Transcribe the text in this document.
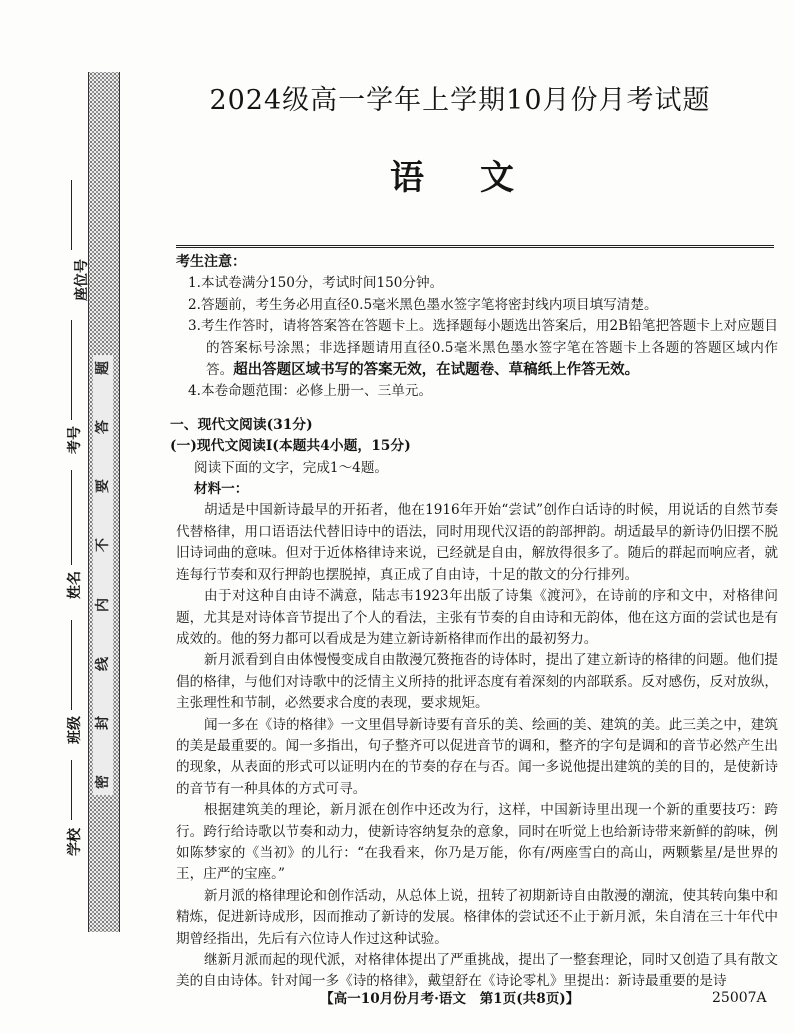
题
答
要
不
内
线
封
密
座位号
考号
姓名
班级
学校
2024级高一学年上学期10月份月考试题
语文

考生注意：

1.本试卷满分150分，考试时间150分钟。
2.答题前，考生务必用直径0.5毫米黑色墨水签字笔将密封线内项目填写清楚。
3.考生作答时，请将答案答在答题卡上。选择题每小题选出答案后，用2B铅笔把答题卡上对应题目的答案标号涂黑；非选择题请用直径0.5毫米黑色墨水签字笔在答题卡上各题的答题区域内作答。超出答题区域书写的答案无效，在试题卷、草稿纸上作答无效。
4.本卷命题范围：必修上册一、三单元。

一、现代文阅读(31分)

(一)现代文阅读Ⅰ(本题共4小题，15分)

阅读下面的文字，完成1～4题。

材料一：

胡适是中国新诗最早的开拓者，他在1916年开始“尝试”创作白话诗的时候，用说话的自然节奏代替格律，用口语语法代替旧诗中的语法，同时用现代汉语的韵部押韵。胡适最早的新诗仍旧摆不脱旧诗词曲的意味。但对于近体格律诗来说，已经就是自由，解放得很多了。随后的群起而响应者，就连每行节奏和双行押韵也摆脱掉，真正成了自由诗，十足的散文的分行排列。

由于对这种自由诗不满意，陆志韦1923年出版了诗集《渡河》，在诗前的序和文中，对格律问题，尤其是对诗体音节提出了个人的看法，主张有节奏的自由诗和无韵体，他在这方面的尝试也是有成效的。他的努力都可以看成是为建立新诗新格律而作出的最初努力。

新月派看到自由体慢慢变成自由散漫冗赘拖沓的诗体时，提出了建立新诗的格律的问题。他们提倡的格律，与他们对诗歌中的泛情主义所持的批评态度有着深刻的内部联系。反对感伤，反对放纵，主张理性和节制，必然要求合度的表现，要求规矩。

闻一多在《诗的格律》一文里倡导新诗要有音乐的美、绘画的美、建筑的美。此三美之中，建筑的美是最重要的。闻一多指出，句子整齐可以促进音节的调和，整齐的字句是调和的音节必然产生出的现象，从表面的形式可以证明内在的节奏的存在与否。闻一多说他提出建筑的美的目的，是使新诗的音节有一种具体的方式可寻。

根据建筑美的理论，新月派在创作中还改为行，这样，中国新诗里出现一个新的重要技巧：跨行。跨行给诗歌以节奏和动力，使新诗容纳复杂的意象，同时在听觉上也给新诗带来新鲜的韵味，例如陈梦家的《当初》的儿行：“在我看来，你乃是万能，你有/两座雪白的高山，两颗紫星/是世界的王，庄严的宝座。”

新月派的格律理论和创作活动，从总体上说，扭转了初期新诗自由散漫的潮流，使其转向集中和精炼，促进新诗成形，因而推动了新诗的发展。格律体的尝试还不止于新月派，朱自清在三十年代中期曾经指出，先后有六位诗人作过这种试验。

继新月派而起的现代派，对格律体提出了严重挑战，提出了一整套理论，同时又创造了具有散文美的自由诗体。针对闻一多《诗的格律》，戴望舒在《诗论零札》里提出：新诗最重要的是诗

【高一10月份月考·语文　第1页(共8页)】	25007A
